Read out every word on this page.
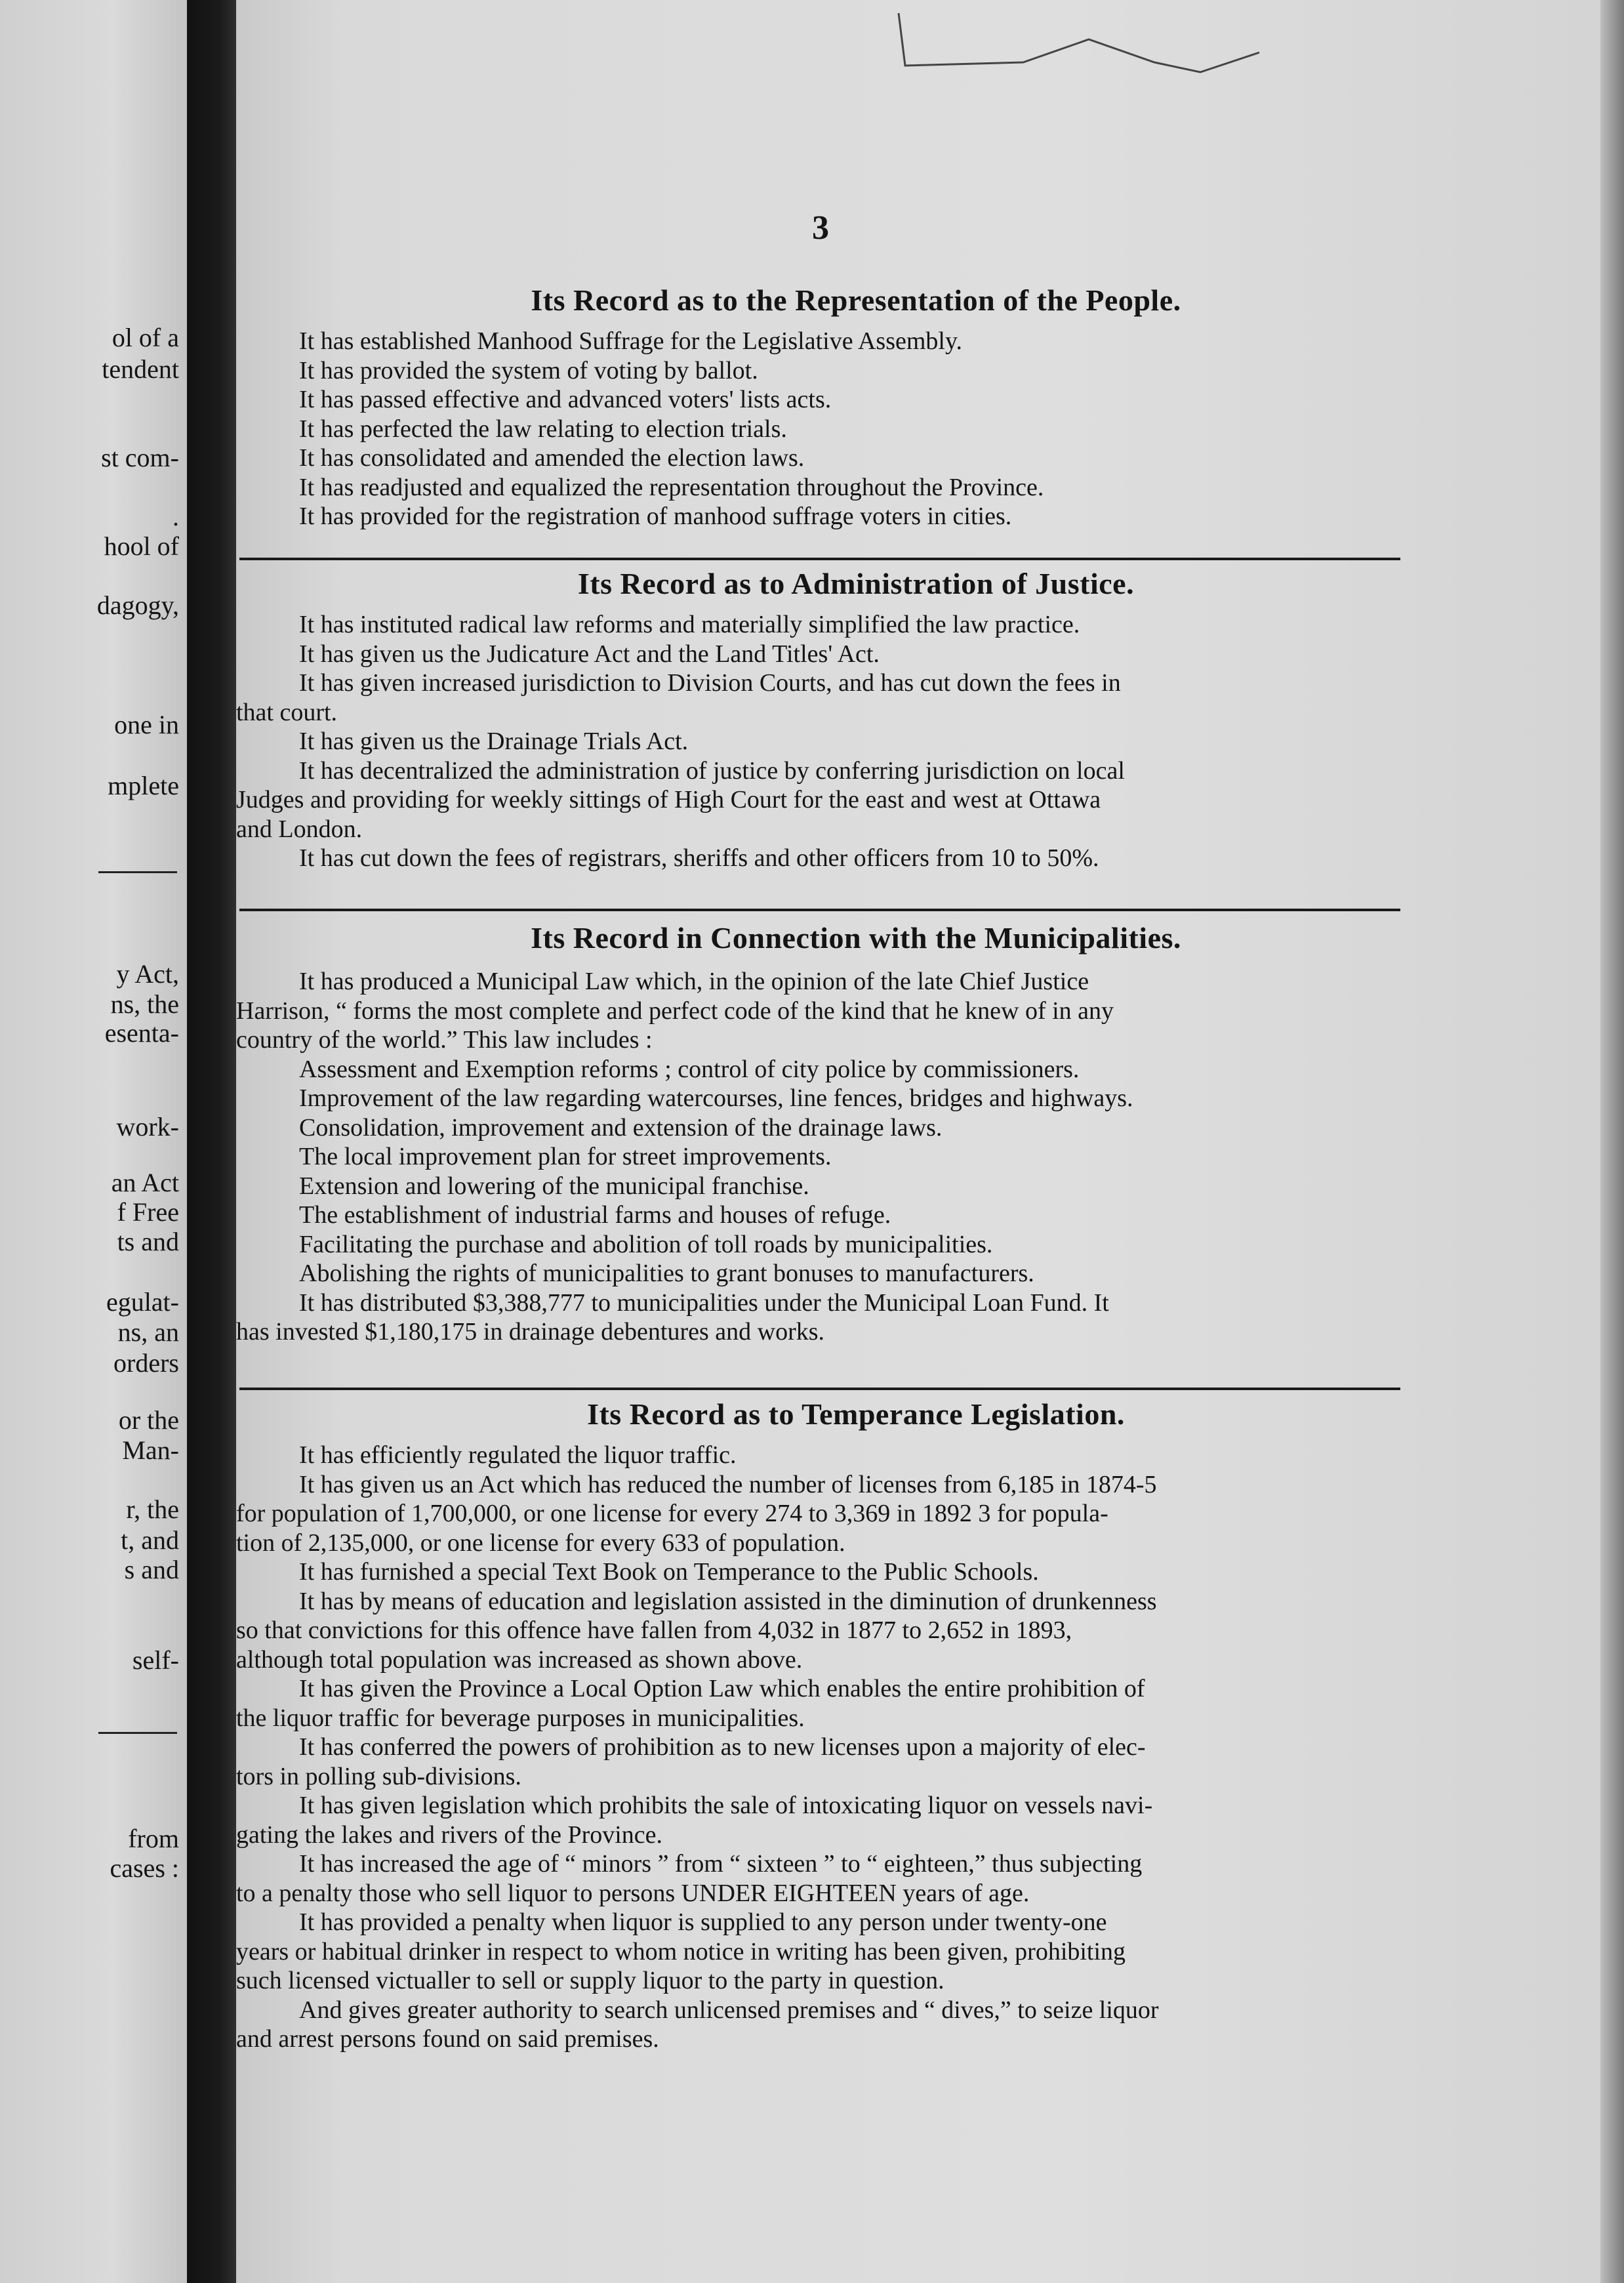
ol of a
tendent
st com-
.
hool of
dagogy,
one in
mplete
y Act,
ns, the
esenta-
work-
an Act
f Free
ts and
egulat-
ns, an
orders
or the
Man-
r, the
t, and
s and
self-
from
cases :
3
Its Record as to the Representation of the People.
It has established Manhood Suffrage for the Legislative Assembly.
It has provided the system of voting by ballot.
It has passed effective and advanced voters' lists acts.
It has perfected the law relating to election trials.
It has consolidated and amended the election laws.
It has readjusted and equalized the representation throughout the Province.
It has provided for the registration of manhood suffrage voters in cities.
Its Record as to Administration of Justice.
It has instituted radical law reforms and materially simplified the law practice.
It has given us the Judicature Act and the Land Titles' Act.
It has given increased jurisdiction to Division Courts, and has cut down the fees in
that court.
It has given us the Drainage Trials Act.
It has decentralized the administration of justice by conferring jurisdiction on local
Judges and providing for weekly sittings of High Court for the east and west at Ottawa
and London.
It has cut down the fees of registrars, sheriffs and other officers from 10 to 50%.
Its Record in Connection with the Municipalities.
It has produced a Municipal Law which, in the opinion of the late Chief Justice
Harrison, “ forms the most complete and perfect code of the kind that he knew of in any
country of the world.” This law includes :
Assessment and Exemption reforms ; control of city police by commissioners.
Improvement of the law regarding watercourses, line fences, bridges and highways.
Consolidation, improvement and extension of the drainage laws.
The local improvement plan for street improvements.
Extension and lowering of the municipal franchise.
The establishment of industrial farms and houses of refuge.
Facilitating the purchase and abolition of toll roads by municipalities.
Abolishing the rights of municipalities to grant bonuses to manufacturers.
It has distributed $3,388,777 to municipalities under the Municipal Loan Fund. It
has invested $1,180,175 in drainage debentures and works.
Its Record as to Temperance Legislation.
It has efficiently regulated the liquor traffic.
It has given us an Act which has reduced the number of licenses from 6,185 in 1874-5
for population of 1,700,000, or one license for every 274 to 3,369 in 1892 3 for popula-
tion of 2,135,000, or one license for every 633 of population.
It has furnished a special Text Book on Temperance to the Public Schools.
It has by means of education and legislation assisted in the diminution of drunkenness
so that convictions for this offence have fallen from 4,032 in 1877 to 2,652 in 1893,
although total population was increased as shown above.
It has given the Province a Local Option Law which enables the entire prohibition of
the liquor traffic for beverage purposes in municipalities.
It has conferred the powers of prohibition as to new licenses upon a majority of elec-
tors in polling sub-divisions.
It has given legislation which prohibits the sale of intoxicating liquor on vessels navi-
gating the lakes and rivers of the Province.
It has increased the age of “ minors ” from “ sixteen ” to “ eighteen,” thus subjecting
to a penalty those who sell liquor to persons UNDER EIGHTEEN years of age.
It has provided a penalty when liquor is supplied to any person under twenty-one
years or habitual drinker in respect to whom notice in writing has been given, prohibiting
such licensed victualler to sell or supply liquor to the party in question.
And gives greater authority to search unlicensed premises and “ dives,” to seize liquor
and arrest persons found on said premises.
